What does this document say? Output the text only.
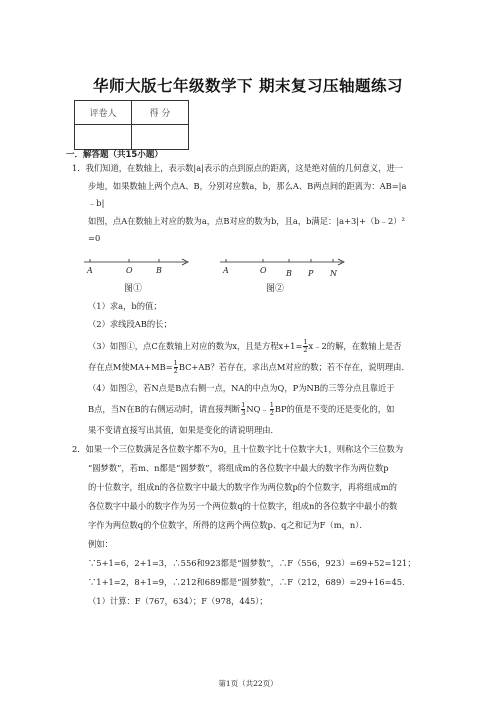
华师大版七年级数学下 期末复习压轴题练习
评卷人	得 分

一．解答题（共15小题）
1．我们知道，在数轴上，表示数|a|表示的点到原点的距离，这是绝对值的几何意义，进一
步地，如果数轴上两个点A、B，分别对应数a，b，那么A、B两点间的距离为：AB=|a
﹣b|
如图，点A在数轴上对应的数为a，点B对应的数为b，且a，b满足：|a+3|+（b﹣2）²
=0
A	O	B
图①
A	O B P N
图②
（1）求a，b的值；
（2）求线段AB的长；
（3）如图①，点C在数轴上对应的数为x，且是方程$x+1= \frac{1}{2}$ x﹣2的解，在数轴上是否
存在点M使$MA+MB= \frac{1}{2} BC+AB$？若存在，求出点M对应的数；若不存在，说明理由．
（4）如图②，若N点是B点右侧一点，NA的中点为Q，P为NB的三等分点且靠近于
B点，当N在B的右侧运动时，请直接判断 $\frac{1}{3}$ NQ﹣ $\frac{1}{2}$ BP的值是不变的还是变化的，如
果不变请直接写出其值，如果是变化的请说明理由．
2．如果一个三位数满足各位数字都不为0，且十位数字比十位数字大1，则称这个三位数为
“圆梦数”，若m、n都是“圆梦数”，将组成m的各位数字中最大的数字作为两位数p
的十位数字，组成n的各位数字中最大的数字作为两位数p的个位数字，再将组成m的
各位数字中最小的数字作为另一个两位数q的十位数字，组成n的各位数字中最小的数
字作为两位数q的个位数字，所得的这两个两位数p、q之和记为F（m，n）．
例如：
∵5+1=6，2+1=3，∴556和923都是“圆梦数”，∴F（556，923）=69+52=121；
∵1+1=2，8+1=9，∴212和689都是“圆梦数”，∴F（212，689）=29+16=45．
（1）计算：F（767，634）；F（978，445）；
第1页（共22页）
